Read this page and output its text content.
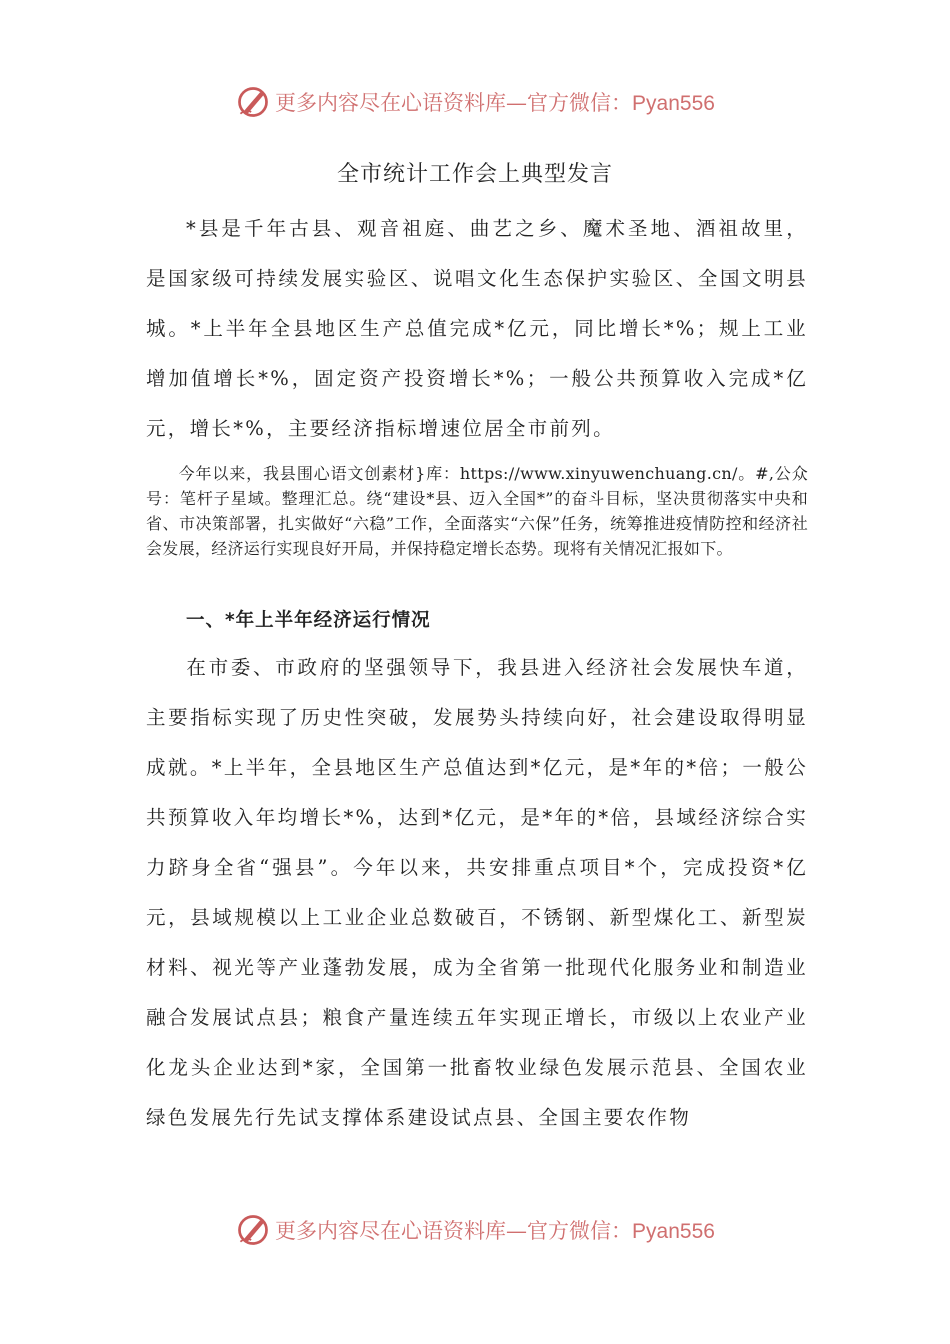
更多内容尽在心语资料库—官方微信：Pyan556
全市统计工作会上典型发言

*县是千年古县、观音祖庭、曲艺之乡、魔术圣地、酒祖故里，是国家级可持续发展实验区、说唱文化生态保护实验区、全国文明县城。*上半年全县地区生产总值完成*亿元，同比增长*%；规上工业增加值增长*%，固定资产投资增长*%；一般公共预算收入完成*亿元，增长*%，主要经济指标增速位居全市前列。

今年以来，我县围心语文创素材}库：https://www.xinyuwenchuang.cn/。#,公众号：笔杆子星域。整理汇总。绕“建设*县、迈入全国*”的奋斗目标，坚决贯彻落实中央和省、市决策部署，扎实做好“六稳”工作，全面落实“六保”任务，统筹推进疫情防控和经济社会发展，经济运行实现良好开局，并保持稳定增长态势。现将有关情况汇报如下。

一、*年上半年经济运行情况

在市委、市政府的坚强领导下，我县进入经济社会发展快车道，主要指标实现了历史性突破，发展势头持续向好，社会建设取得明显成就。*上半年，全县地区生产总值达到*亿元，是*年的*倍；一般公共预算收入年均增长*%，达到*亿元，是*年的*倍，县域经济综合实力跻身全省“强县”。今年以来，共安排重点项目*个，完成投资*亿元，县域规模以上工业企业总数破百，不锈钢、新型煤化工、新型炭材料、视光等产业蓬勃发展，成为全省第一批现代化服务业和制造业融合发展试点县；粮食产量连续五年实现正增长，市级以上农业产业化龙头企业达到*家，全国第一批畜牧业绿色发展示范县、全国农业绿色发展先行先试支撑体系建设试点县、全国主要农作物

更多内容尽在心语资料库—官方微信：Pyan556
